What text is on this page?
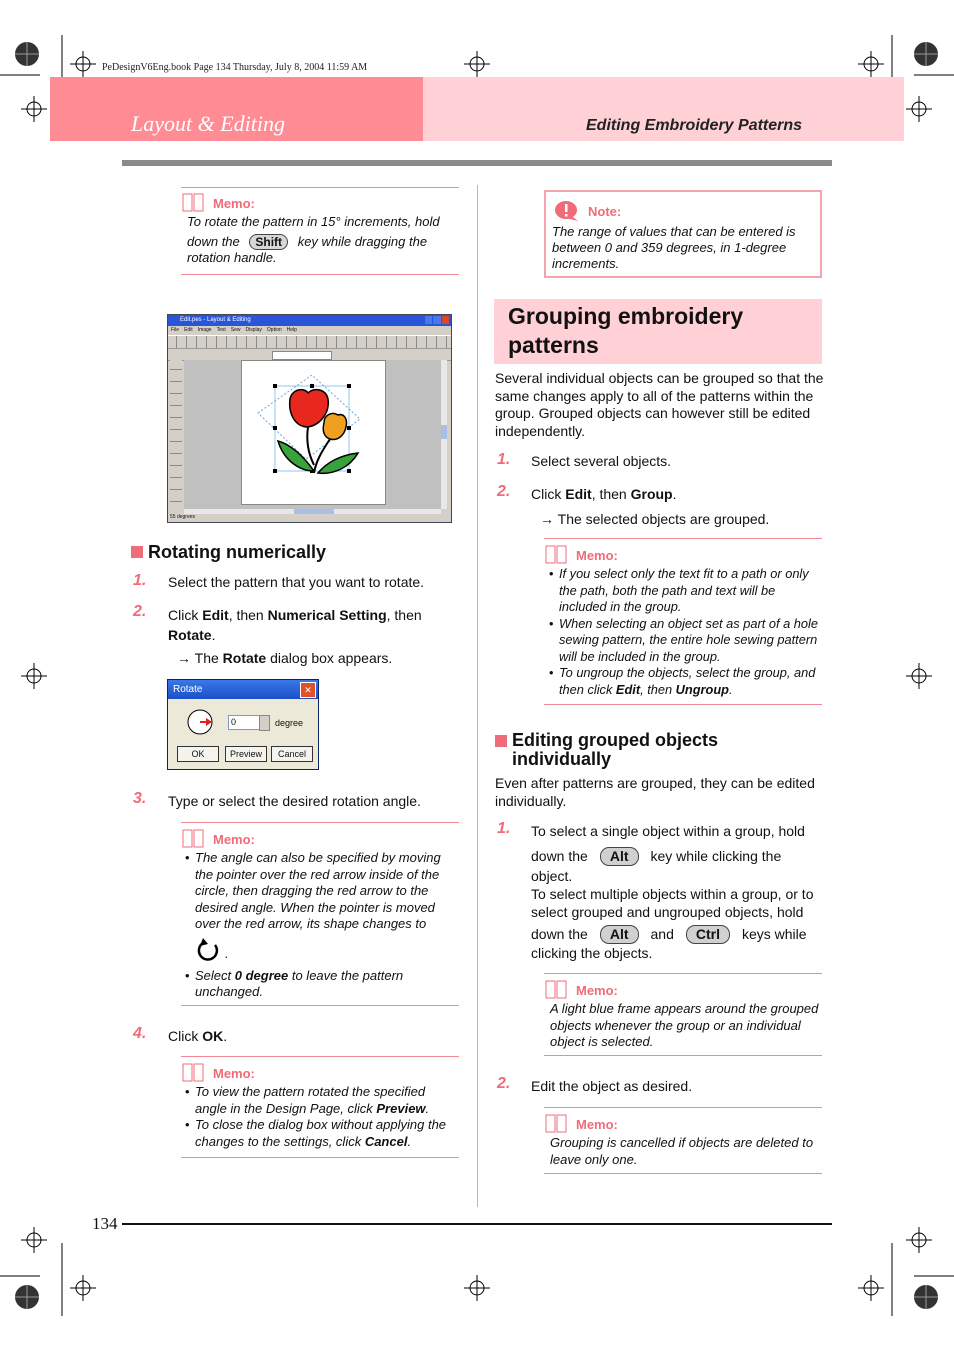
PeDesignV6Eng.book Page 134 Thursday, July 8, 2004 11:59 AM
Layout & Editing	Editing Embroidery Patterns
Memo:
To rotate the pattern in 15° increments, hold
down the Shift key while dragging the
rotation handle.
Edit.pes - Layout & Editing
File Edit Image Text Sew Display Option Help
55 degrees
Rotating numerically
1. Select the pattern that you want to rotate.
2. Click Edit, then Numerical Setting, then
Rotate.
→ The Rotate dialog box appears.
Rotate	✕
0	degree
OK	Preview	Cancel
3. Type or select the desired rotation angle.
Memo:
• The angle can also be specified by moving the pointer over the red arrow inside of the circle, then dragging the red arrow to the desired angle. When the pointer is moved over the red arrow, its shape changes to
.
• Select 0 degree to leave the pattern unchanged.
4. Click OK.
Memo:
• To view the pattern rotated the specified angle in the Design Page, click Preview.
• To close the dialog box without applying the changes to the settings, click Cancel.
Note:
The range of values that can be entered is between 0 and 359 degrees, in 1-degree increments.
Grouping embroidery patterns
Several individual objects can be grouped so that the same changes apply to all of the patterns within the group. Grouped objects can however still be edited independently.
1. Select several objects.
2. Click Edit, then Group.
→ The selected objects are grouped.
Memo:
• If you select only the text fit to a path or only the path, both the path and text will be included in the group.
• When selecting an object set as part of a hole sewing pattern, the entire hole sewing pattern will be included in the group.
• To ungroup the objects, select the group, and then click Edit, then Ungroup.
Editing grouped objects individually
Even after patterns are grouped, they can be edited individually.
1. To select a single object within a group, hold
down the Alt key while clicking the
object.
To select multiple objects within a group, or to select grouped and ungrouped objects, hold
down the Alt and Ctrl keys while
clicking the objects.
Memo:
A light blue frame appears around the grouped objects whenever the group or an individual object is selected.
2. Edit the object as desired.
Memo:
Grouping is cancelled if objects are deleted to leave only one.
134
